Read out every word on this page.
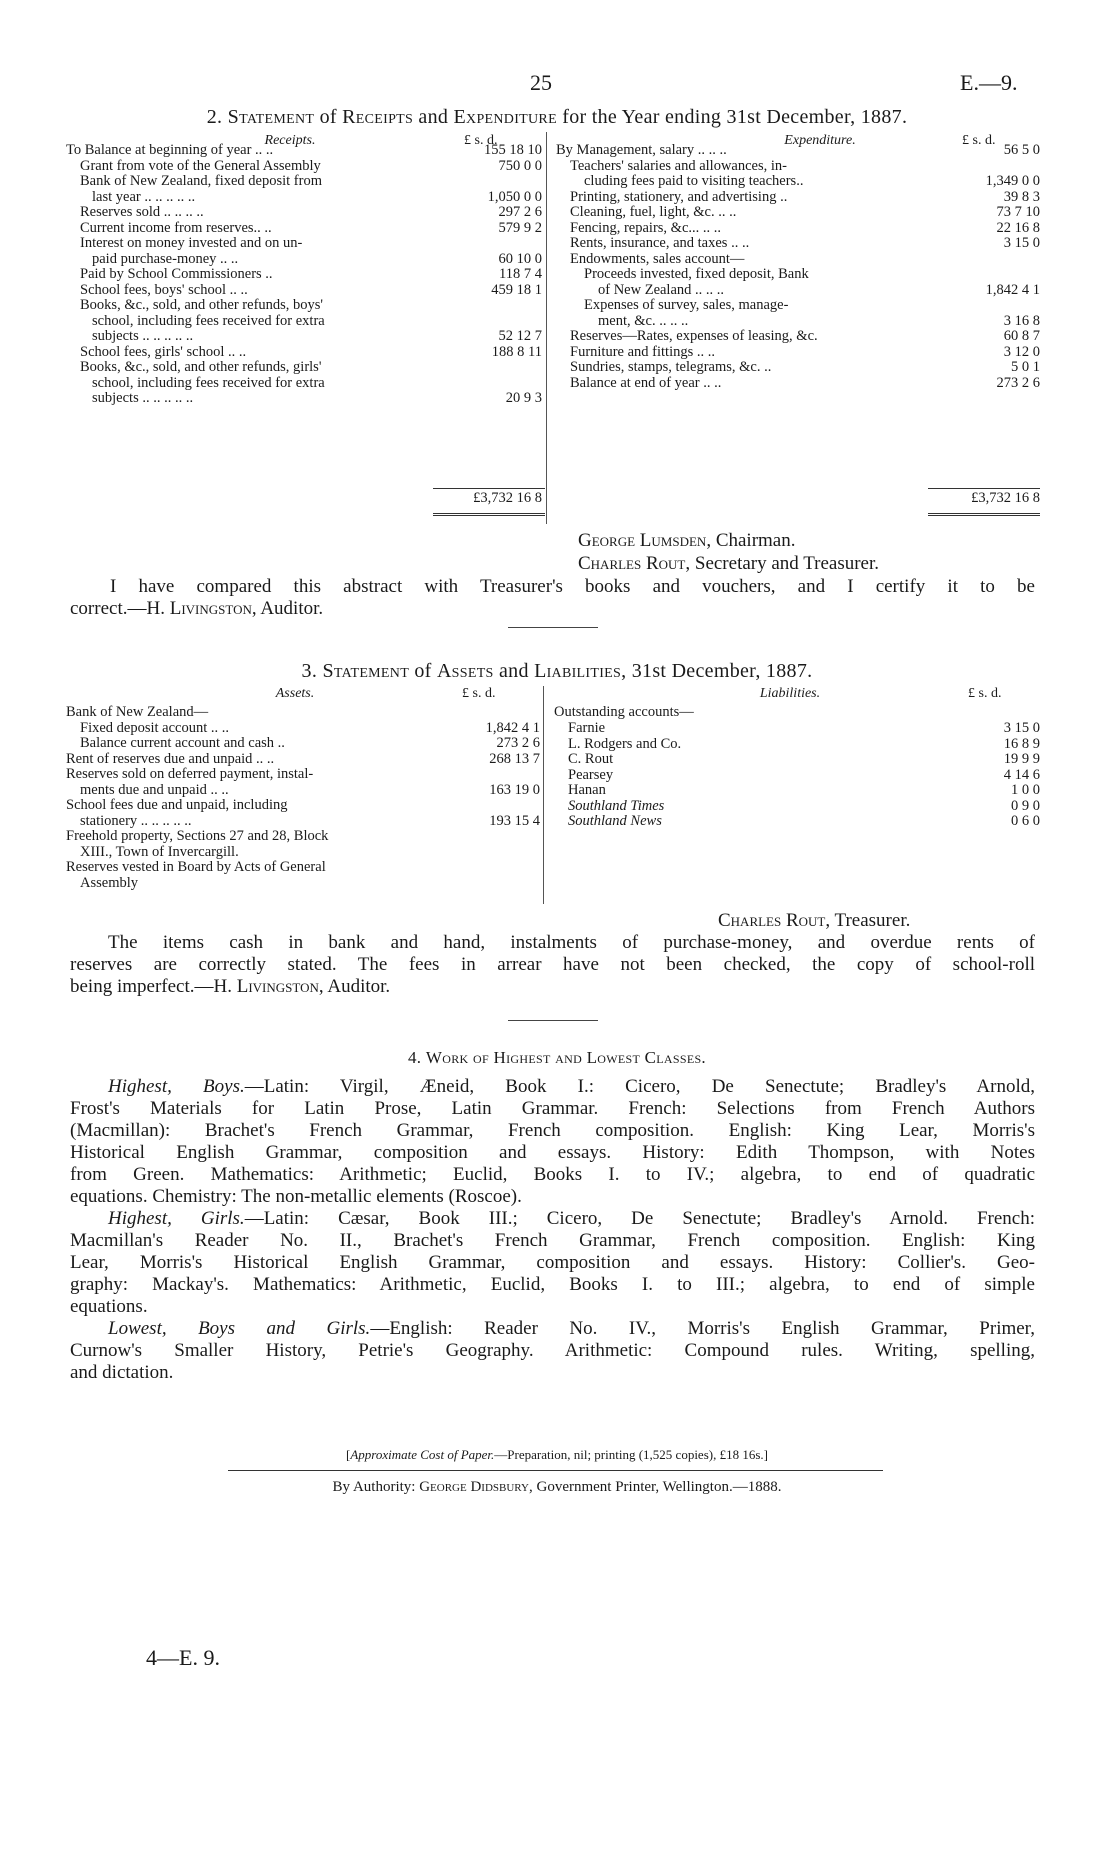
25	E.—9.
2. Statement of Receipts and Expenditure for the Year ending 31st December, 1887.
Receipts.	£ s. d.	Expenditure.	£ s. d.
To Balance at beginning of year .. ..	155 18 10
Grant from vote of the General Assembly	750 0 0
Bank of New Zealand, fixed deposit from
last year .. .. .. .. ..	1,050 0 0
Reserves sold .. .. .. ..	297 2 6
Current income from reserves.. ..	579 9 2
Interest on money invested and on un-
paid purchase-money .. ..	60 10 0
Paid by School Commissioners ..	118 7 4
School fees, boys' school .. ..	459 18 1
Books, &c., sold, and other refunds, boys'
school, including fees received for extra
subjects .. .. .. .. ..	52 12 7
School fees, girls' school .. ..	188 8 11
Books, &c., sold, and other refunds, girls'
school, including fees received for extra
subjects .. .. .. .. ..	20 9 3
£3,732 16 8
By Management, salary .. .. ..	56 5 0
Teachers' salaries and allowances, in-
cluding fees paid to visiting teachers..	1,349 0 0
Printing, stationery, and advertising ..	39 8 3
Cleaning, fuel, light, &c. .. ..	73 7 10
Fencing, repairs, &c... .. ..	22 16 8
Rents, insurance, and taxes .. ..	3 15 0
Endowments, sales account—
Proceeds invested, fixed deposit, Bank
of New Zealand .. .. ..	1,842 4 1
Expenses of survey, sales, manage-
ment, &c. .. .. ..	3 16 8
Reserves—Rates, expenses of leasing, &c.	60 8 7
Furniture and fittings .. ..	3 12 0
Sundries, stamps, telegrams, &c. ..	5 0 1
Balance at end of year .. ..	273 2 6
£3,732 16 8
George Lumsden, Chairman.
Charles Rout, Secretary and Treasurer.
I have compared this abstract with Treasurer's books and vouchers, and I certify it to be
correct.—H. Livingston, Auditor.
3. Statement of Assets and Liabilities, 31st December, 1887.
Assets.	£ s. d.	Liabilities.	£ s. d.
Bank of New Zealand—
Fixed deposit account .. ..	1,842 4 1
Balance current account and cash ..	273 2 6
Rent of reserves due and unpaid .. ..	268 13 7
Reserves sold on deferred payment, instal-
ments due and unpaid .. ..	163 19 0
School fees due and unpaid, including
stationery .. .. .. .. ..	193 15 4
Freehold property, Sections 27 and 28, Block
XIII., Town of Invercargill.
Reserves vested in Board by Acts of General
Assembly
Outstanding accounts—
Farnie	3 15 0
L. Rodgers and Co.	16 8 9
C. Rout	19 9 9
Pearsey	4 14 6
Hanan	1 0 0
Southland Times	0 9 0
Southland News	0 6 0
Charles Rout, Treasurer.
The items cash in bank and hand, instalments of purchase-money, and overdue rents of
reserves are correctly stated. The fees in arrear have not been checked, the copy of school-roll
being imperfect.—H. Livingston, Auditor.
4. Work of Highest and Lowest Classes.
Highest, Boys.—Latin: Virgil, Æneid, Book I.: Cicero, De Senectute; Bradley's Arnold,
Frost's Materials for Latin Prose, Latin Grammar. French: Selections from French Authors
(Macmillan): Brachet's French Grammar, French composition. English: King Lear, Morris's
Historical English Grammar, composition and essays. History: Edith Thompson, with Notes
from Green. Mathematics: Arithmetic; Euclid, Books I. to IV.; algebra, to end of quadratic
equations. Chemistry: The non-metallic elements (Roscoe).
Highest, Girls.—Latin: Cæsar, Book III.; Cicero, De Senectute; Bradley's Arnold. French:
Macmillan's Reader No. II., Brachet's French Grammar, French composition. English: King
Lear, Morris's Historical English Grammar, composition and essays. History: Collier's. Geo-
graphy: Mackay's. Mathematics: Arithmetic, Euclid, Books I. to III.; algebra, to end of simple
equations.
Lowest, Boys and Girls.—English: Reader No. IV., Morris's English Grammar, Primer,
Curnow's Smaller History, Petrie's Geography. Arithmetic: Compound rules. Writing, spelling,
and dictation.
[Approximate Cost of Paper.—Preparation, nil; printing (1,525 copies), £18 16s.]
By Authority: George Didsbury, Government Printer, Wellington.—1888.
4—E. 9.
